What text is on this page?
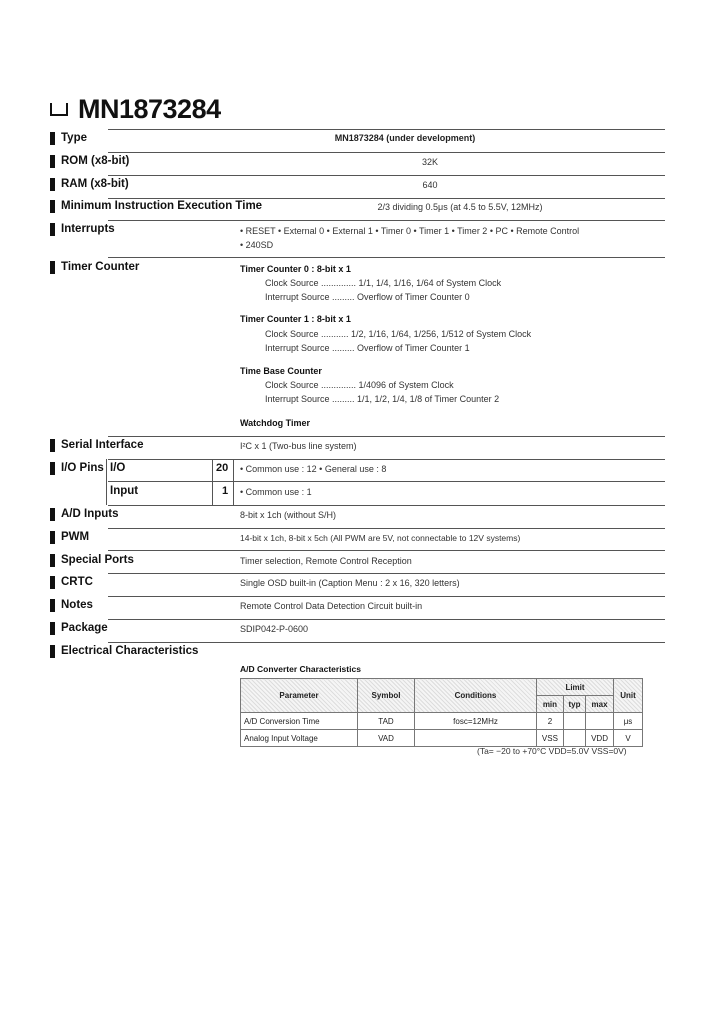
MN1873284
Type	MN1873284 (under development)
ROM (x8-bit)	32K
RAM (x8-bit)	640
Minimum Instruction Execution Time	2/3 dividing 0.5μs (at 4.5 to 5.5V, 12MHz)
Interrupts	• RESET • External 0 • External 1 • Timer 0 • Timer 1 • Timer 2 • PC • Remote Control
• 240SD
Timer Counter	Timer Counter 0 : 8-bit x 1
Clock Source .............. 1/1, 1/4, 1/16, 1/64 of System Clock
Interrupt Source ......... Overflow of Timer Counter 0
Timer Counter 1 : 8-bit x 1
Clock Source ........... 1/2, 1/16, 1/64, 1/256, 1/512 of System Clock
Interrupt Source ......... Overflow of Timer Counter 1
Time Base Counter
Clock Source .............. 1/4096 of System Clock
Interrupt Source ......... 1/1, 1/2, 1/4, 1/8 of Timer Counter 2
Watchdog Timer
Serial Interface	I²C x 1 (Two-bus line system)
I/O Pins I/O	20 • Common use : 12 • General use : 8
Input	1 • Common use : 1
A/D Inputs	8-bit x 1ch (without S/H)
PWM	14-bit x 1ch, 8-bit x 5ch (All PWM are 5V, not connectable to 12V systems)
Special Ports	Timer selection, Remote Control Reception
CRTC	Single OSD built-in (Caption Menu : 2 x 16, 320 letters)
Notes	Remote Control Data Detection Circuit built-in
Package	SDIP042-P-0600
Electrical Characteristics
A/D Converter Characteristics
Parameter	Symbol	Conditions	Limit			Unit
			min	typ	max	
A/D Conversion Time	TAD	fosc=12MHz	2			μs
Analog Input Voltage	VAD		VSS		VDD	V
(Ta= −20 to +70°C VDD=5.0V VSS=0V)
